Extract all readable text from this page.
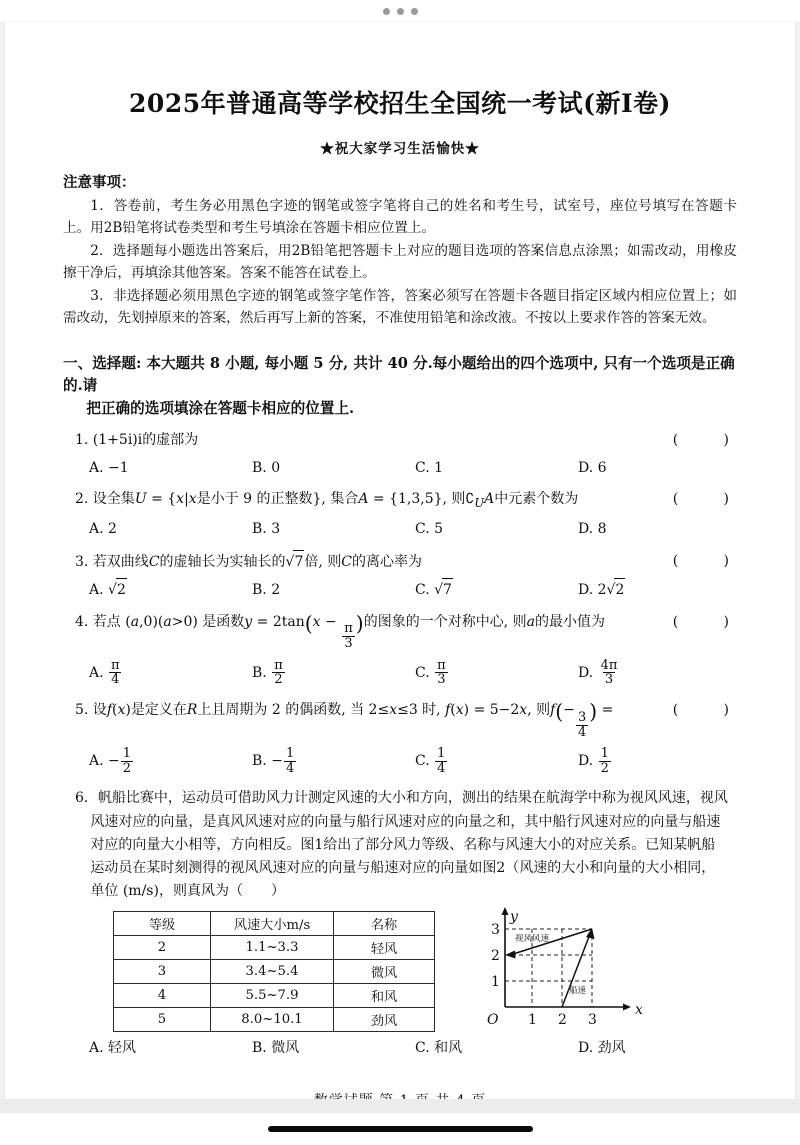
2025年普通高等学校招生全国统一考试(新I卷)
★祝大家学习生活愉快★
注意事项：

1．答卷前，考生务必用黑色字迹的钢笔或签字笔将自己的姓名和考生号，试室号，座位号填写在答题卡上。用2B铅笔将试卷类型和考生号填涂在答题卡相应位置上。

2．选择题每小题选出答案后，用2B铅笔把答题卡上对应的题目选项的答案信息点涂黑；如需改动，用橡皮擦干净后，再填涂其他答案。答案不能答在试卷上。

3．非选择题必须用黑色字迹的钢笔或签字笔作答，答案必须写在答题卡各题目指定区域内相应位置上；如需改动，先划掉原来的答案，然后再写上新的答案，不准使用铅笔和涂改液。不按以上要求作答的答案无效。

一、选择题: 本大题共 8 小题, 每小题 5 分, 共计 40 分.每小题给出的四个选项中, 只有一个选项是正确的.请
把正确的选项填涂在答题卡相应的位置上.
1. (1+5i)i的虚部为	(   )
A. −1	B. 0	C. 1	D. 6
2. 设全集U = {x|x是小于 9 的正整数}, 集合A = {1,3,5}, 则$∁_UA$中元素个数为	(   )
A. 2	B. 3	C. 5	D. 8
3. 若双曲线C的虚轴长为实轴长的√7倍, 则C的离心率为	(   )
A.
√2	B. 2	C.
√7	D. 2 √2
4. 若点 (a,0)(a>0) 是函数y = 2tan(x −
$\frac{\pi}{3}$ )的图象的一个对称中心, 则a的最小值为	(   )
A.
$\frac{\pi}{4}$	B.
$\frac{\pi}{2}$	C.
$\frac{\pi}{3}$	D.
$\frac{4\pi}{3}$
5. 设f(x)是定义在R上且周期为 2 的偶函数, 当 2≤x≤3 时, f(x) = 5−2x, 则f(−
$\frac{3}{4}$ ) =	(   )
A. − $\frac{1}{2}$	B. − $\frac{1}{4}$	C.
$\frac{1}{4}$	D.
$\frac{1}{2}$

6．帆船比赛中，运动员可借助风力计测定风速的大小和方向，测出的结果在航海学中称为视风风速，视风

风速对应的向量，是真风风速对应的向量与船行风速对应的向量之和，其中船行风速对应的向量与船速

对应的向量大小相等，方向相反。图1给出了部分风力等级、名称与风速大小的对应关系。已知某帆船

运动员在某时刻测得的视风风速对应的向量与船速对应的向量如图2（风速的大小和向量的大小相同，

单位 (m/s)，则真风为（　　）

等级	风速大小m/s	名称
2	1.1~3.3	轻风
3	3.4~5.4	微风
4	5.5~7.9	和风
5	8.0~10.1	劲风
视风风速
船速
3
2
1
1 2 3
O
x
y
A.
轻风	B.
微风	C.
和风	D.
劲风
